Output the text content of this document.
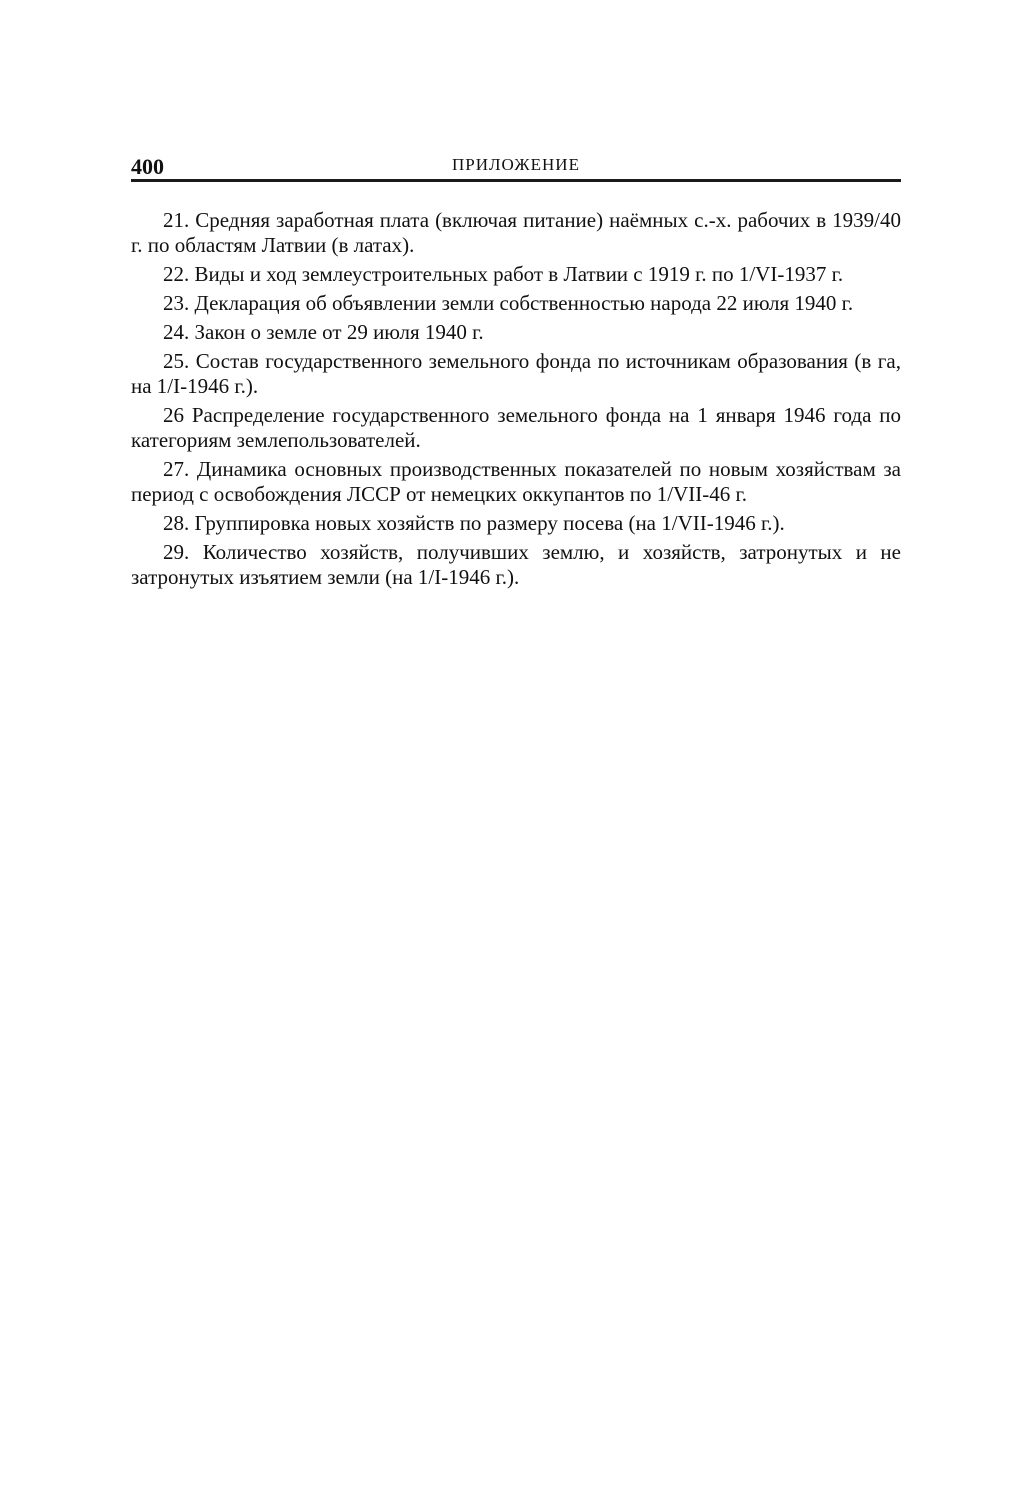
400	ПРИЛОЖЕНИЕ
21. Средняя заработная плата (включая питание) наёмных с.-х. рабочих в 1939/40 г. по областям Латвии (в латах).
22. Виды и ход землеустроительных работ в Латвии с 1919 г. по 1/VI-1937 г.
23. Декларация об объявлении земли собственностью народа 22 июля 1940 г.
24. Закон о земле от 29 июля 1940 г.
25. Состав государственного земельного фонда по источникам образования (в га, на 1/I-1946 г.).
26 Распределение государственного земельного фонда на 1 января 1946 года по категориям землепользователей.
27. Динамика основных производственных показателей по новым хозяйствам за период с освобождения ЛССР от немецких оккупантов по 1/VII-46 г.
28. Группировка новых хозяйств по размеру посева (на 1/VII-1946 г.).
29. Количество хозяйств, получивших землю, и хозяйств, затронутых и не затронутых изъятием земли (на 1/I-1946 г.).
